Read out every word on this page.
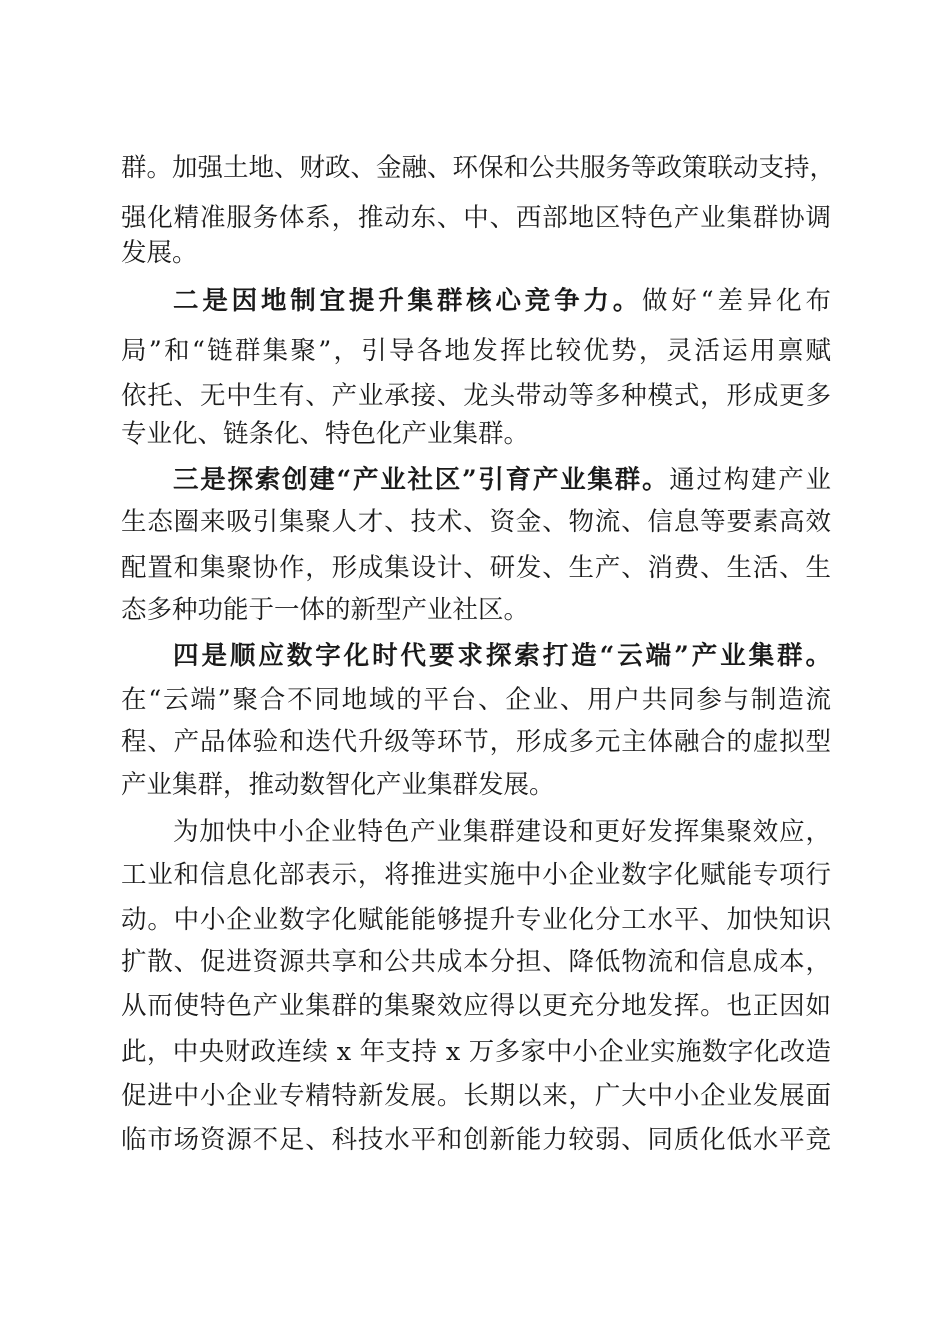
群。加强土地、财政、金融、环保和公共服务等政策联动支持，
强化精准服务体系，推动东、中、西部地区特色产业集群协调
发展。
二是因地制宜提升集群核心竞争力。做好“差异化布
局”和“链群集聚”，引导各地发挥比较优势，灵活运用禀赋
依托、无中生有、产业承接、龙头带动等多种模式，形成更多
专业化、链条化、特色化产业集群。
三是探索创建“产业社区”引育产业集群。通过构建产业
生态圈来吸引集聚人才、技术、资金、物流、信息等要素高效
配置和集聚协作，形成集设计、研发、生产、消费、生活、生
态多种功能于一体的新型产业社区。
四是顺应数字化时代要求探索打造“云端”产业集群。
在“云端”聚合不同地域的平台、企业、用户共同参与制造流
程、产品体验和迭代升级等环节，形成多元主体融合的虚拟型
产业集群，推动数智化产业集群发展。
为加快中小企业特色产业集群建设和更好发挥集聚效应，
工业和信息化部表示，将推进实施中小企业数字化赋能专项行
动。中小企业数字化赋能能够提升专业化分工水平、加快知识
扩散、促进资源共享和公共成本分担、降低物流和信息成本，
从而使特色产业集群的集聚效应得以更充分地发挥。也正因如
此，中央财政连续 x 年支持 x 万多家中小企业实施数字化改造
促进中小企业专精特新发展。长期以来，广大中小企业发展面
临市场资源不足、科技水平和创新能力较弱、同质化低水平竞
